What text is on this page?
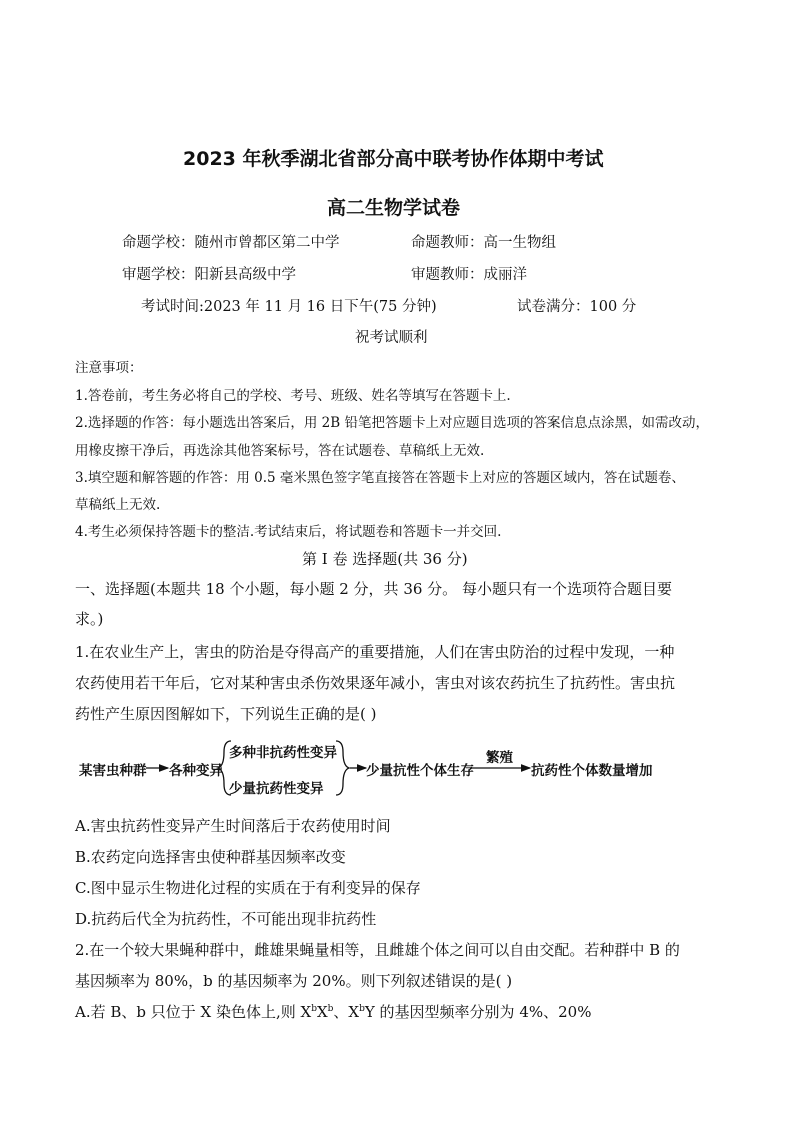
2023 年秋季湖北省部分高中联考协作体期中考试
高二生物学试卷
命题学校：随州市曾都区第二中学	命题教师：高一生物组
审题学校：阳新县高级中学	审题教师：成丽洋
考试时间:2023 年 11 月 16 日下午(75 分钟)	试卷满分：100 分
祝考试顺利
注意事项：
1.答卷前，考生务必将自己的学校、考号、班级、姓名等填写在答题卡上.
2.选择题的作答：每小题选出答案后，用 2B 铅笔把答题卡上对应题目选项的答案信息点涂黑，如需改动，
用橡皮擦干净后，再选涂其他答案标号，答在试题卷、草稿纸上无效.
3.填空题和解答题的作答：用 0.5 毫米黑色签字笔直接答在答题卡上对应的答题区域内，答在试题卷、
草稿纸上无效.
4.考生必须保持答题卡的整洁.考试结束后，将试题卷和答题卡一并交回.
第 I 卷 选择题(共 36 分)
一、选择题(本题共 18 个小题，每小题 2 分，共 36 分。 每小题只有一个选项符合题目要
求。)
1.在农业生产上，害虫的防治是夺得高产的重要措施，人们在害虫防治的过程中发现，一种
农药使用若干年后，它对某种害虫杀伤效果逐年减小，害虫对该农药抗生了抗药性。害虫抗
药性产生原因图解如下，下列说生正确的是( )
某害虫种群 各种变异
多种非抗药性变异
少量抗药性变异
少量抗性个体生存
繁殖
抗药性个体数量增加
A.害虫抗药性变异产生时间落后于农药使用时间
B.农药定向选择害虫使种群基因频率改变
C.图中显示生物进化过程的实质在于有利变异的保存
D.抗药后代全为抗药性，不可能出现非抗药性
2.在一个较大果蝇种群中，雌雄果蝇量相等，且雌雄个体之间可以自由交配。若种群中 B 的
基因频率为 80%，b 的基因频率为 20%。则下列叙述错误的是( )
A.若 B、b 只位于 X 染色体上,则 $X^bX^b$、$X^bY$ 的基因型频率分别为 4%、20%
